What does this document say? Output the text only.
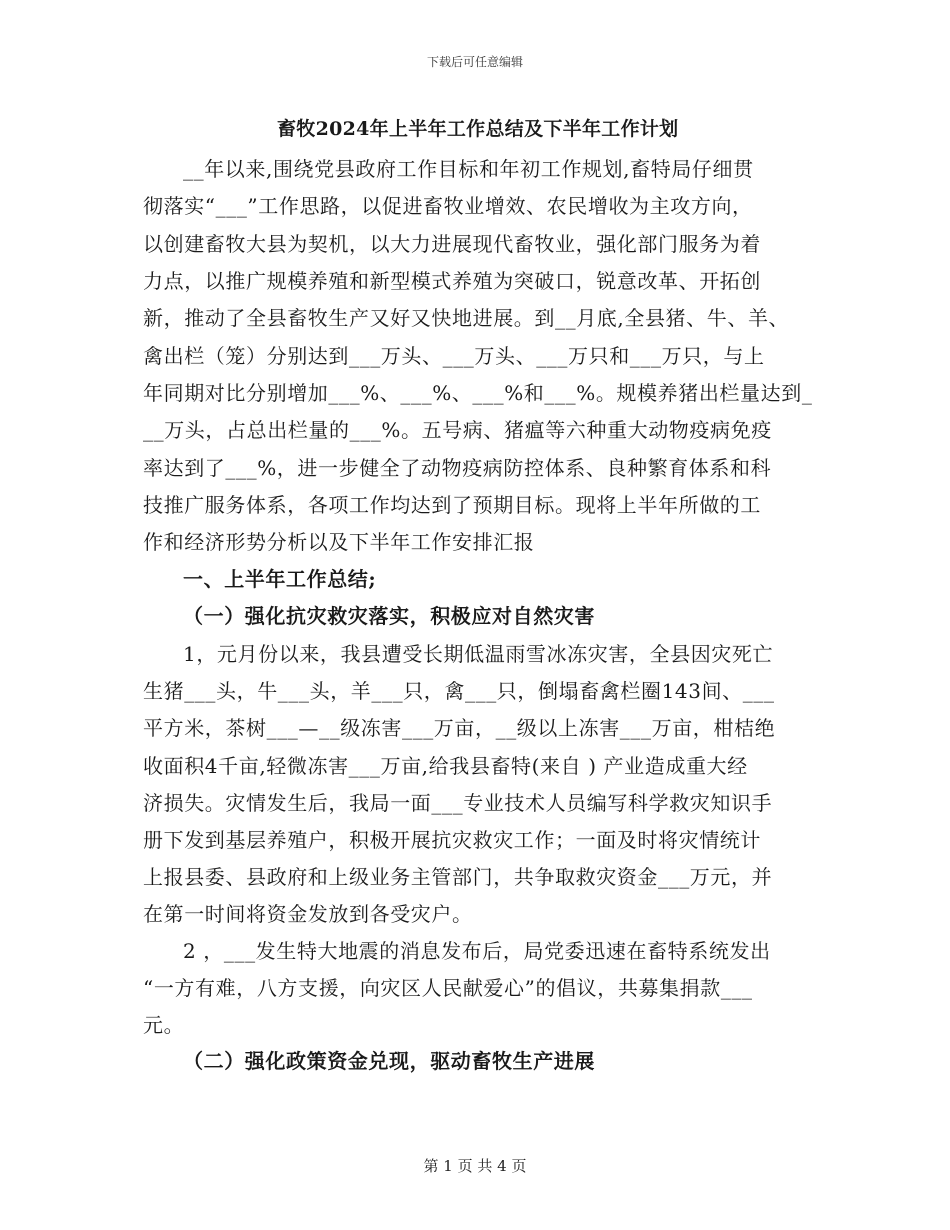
下载后可任意编辑
畜牧2024年上半年工作总结及下半年工作计划
__年以来,围绕党县政府工作目标和年初工作规划,畜特局仔细贯
彻落实“___”工作思路，以促进畜牧业增效、农民增收为主攻方向，
以创建畜牧大县为契机，以大力进展现代畜牧业，强化部门服务为着
力点，以推广规模养殖和新型模式养殖为突破口，锐意改革、开拓创
新，推动了全县畜牧生产又好又快地进展。到__月底,全县猪、牛、羊、
禽出栏（笼）分别达到___万头、___万头、___万只和___万只，与上
年同期对比分别增加___%、___%、___%和___%。规模养猪出栏量达到_
__万头，占总出栏量的___%。五号病、猪瘟等六种重大动物疫病免疫
率达到了___%，进一步健全了动物疫病防控体系、良种繁育体系和科
技推广服务体系，各项工作均达到了预期目标。现将上半年所做的工
作和经济形势分析以及下半年工作安排汇报
一、上半年工作总结;
（一）强化抗灾救灾落实，积极应对自然灾害
1，元月份以来，我县遭受长期低温雨雪冰冻灾害，全县因灾死亡
生猪___头，牛___头，羊___只，禽___只，倒塌畜禽栏圈143间、___
平方米，茶树___—__级冻害___万亩，__级以上冻害___万亩，柑桔绝
收面积4千亩,轻微冻害___万亩,给我县畜特(来自 ) 产业造成重大经
济损失。灾情发生后，我局一面___专业技术人员编写科学救灾知识手
册下发到基层养殖户，积极开展抗灾救灾工作；一面及时将灾情统计
上报县委、县政府和上级业务主管部门，共争取救灾资金___万元，并
在第一时间将资金发放到各受灾户。
2 ，___发生特大地震的消息发布后，局党委迅速在畜特系统发出
“一方有难，八方支援，向灾区人民献爱心”的倡议，共募集捐款___
元。
（二）强化政策资金兑现，驱动畜牧生产进展
第 1 页 共 4 页
